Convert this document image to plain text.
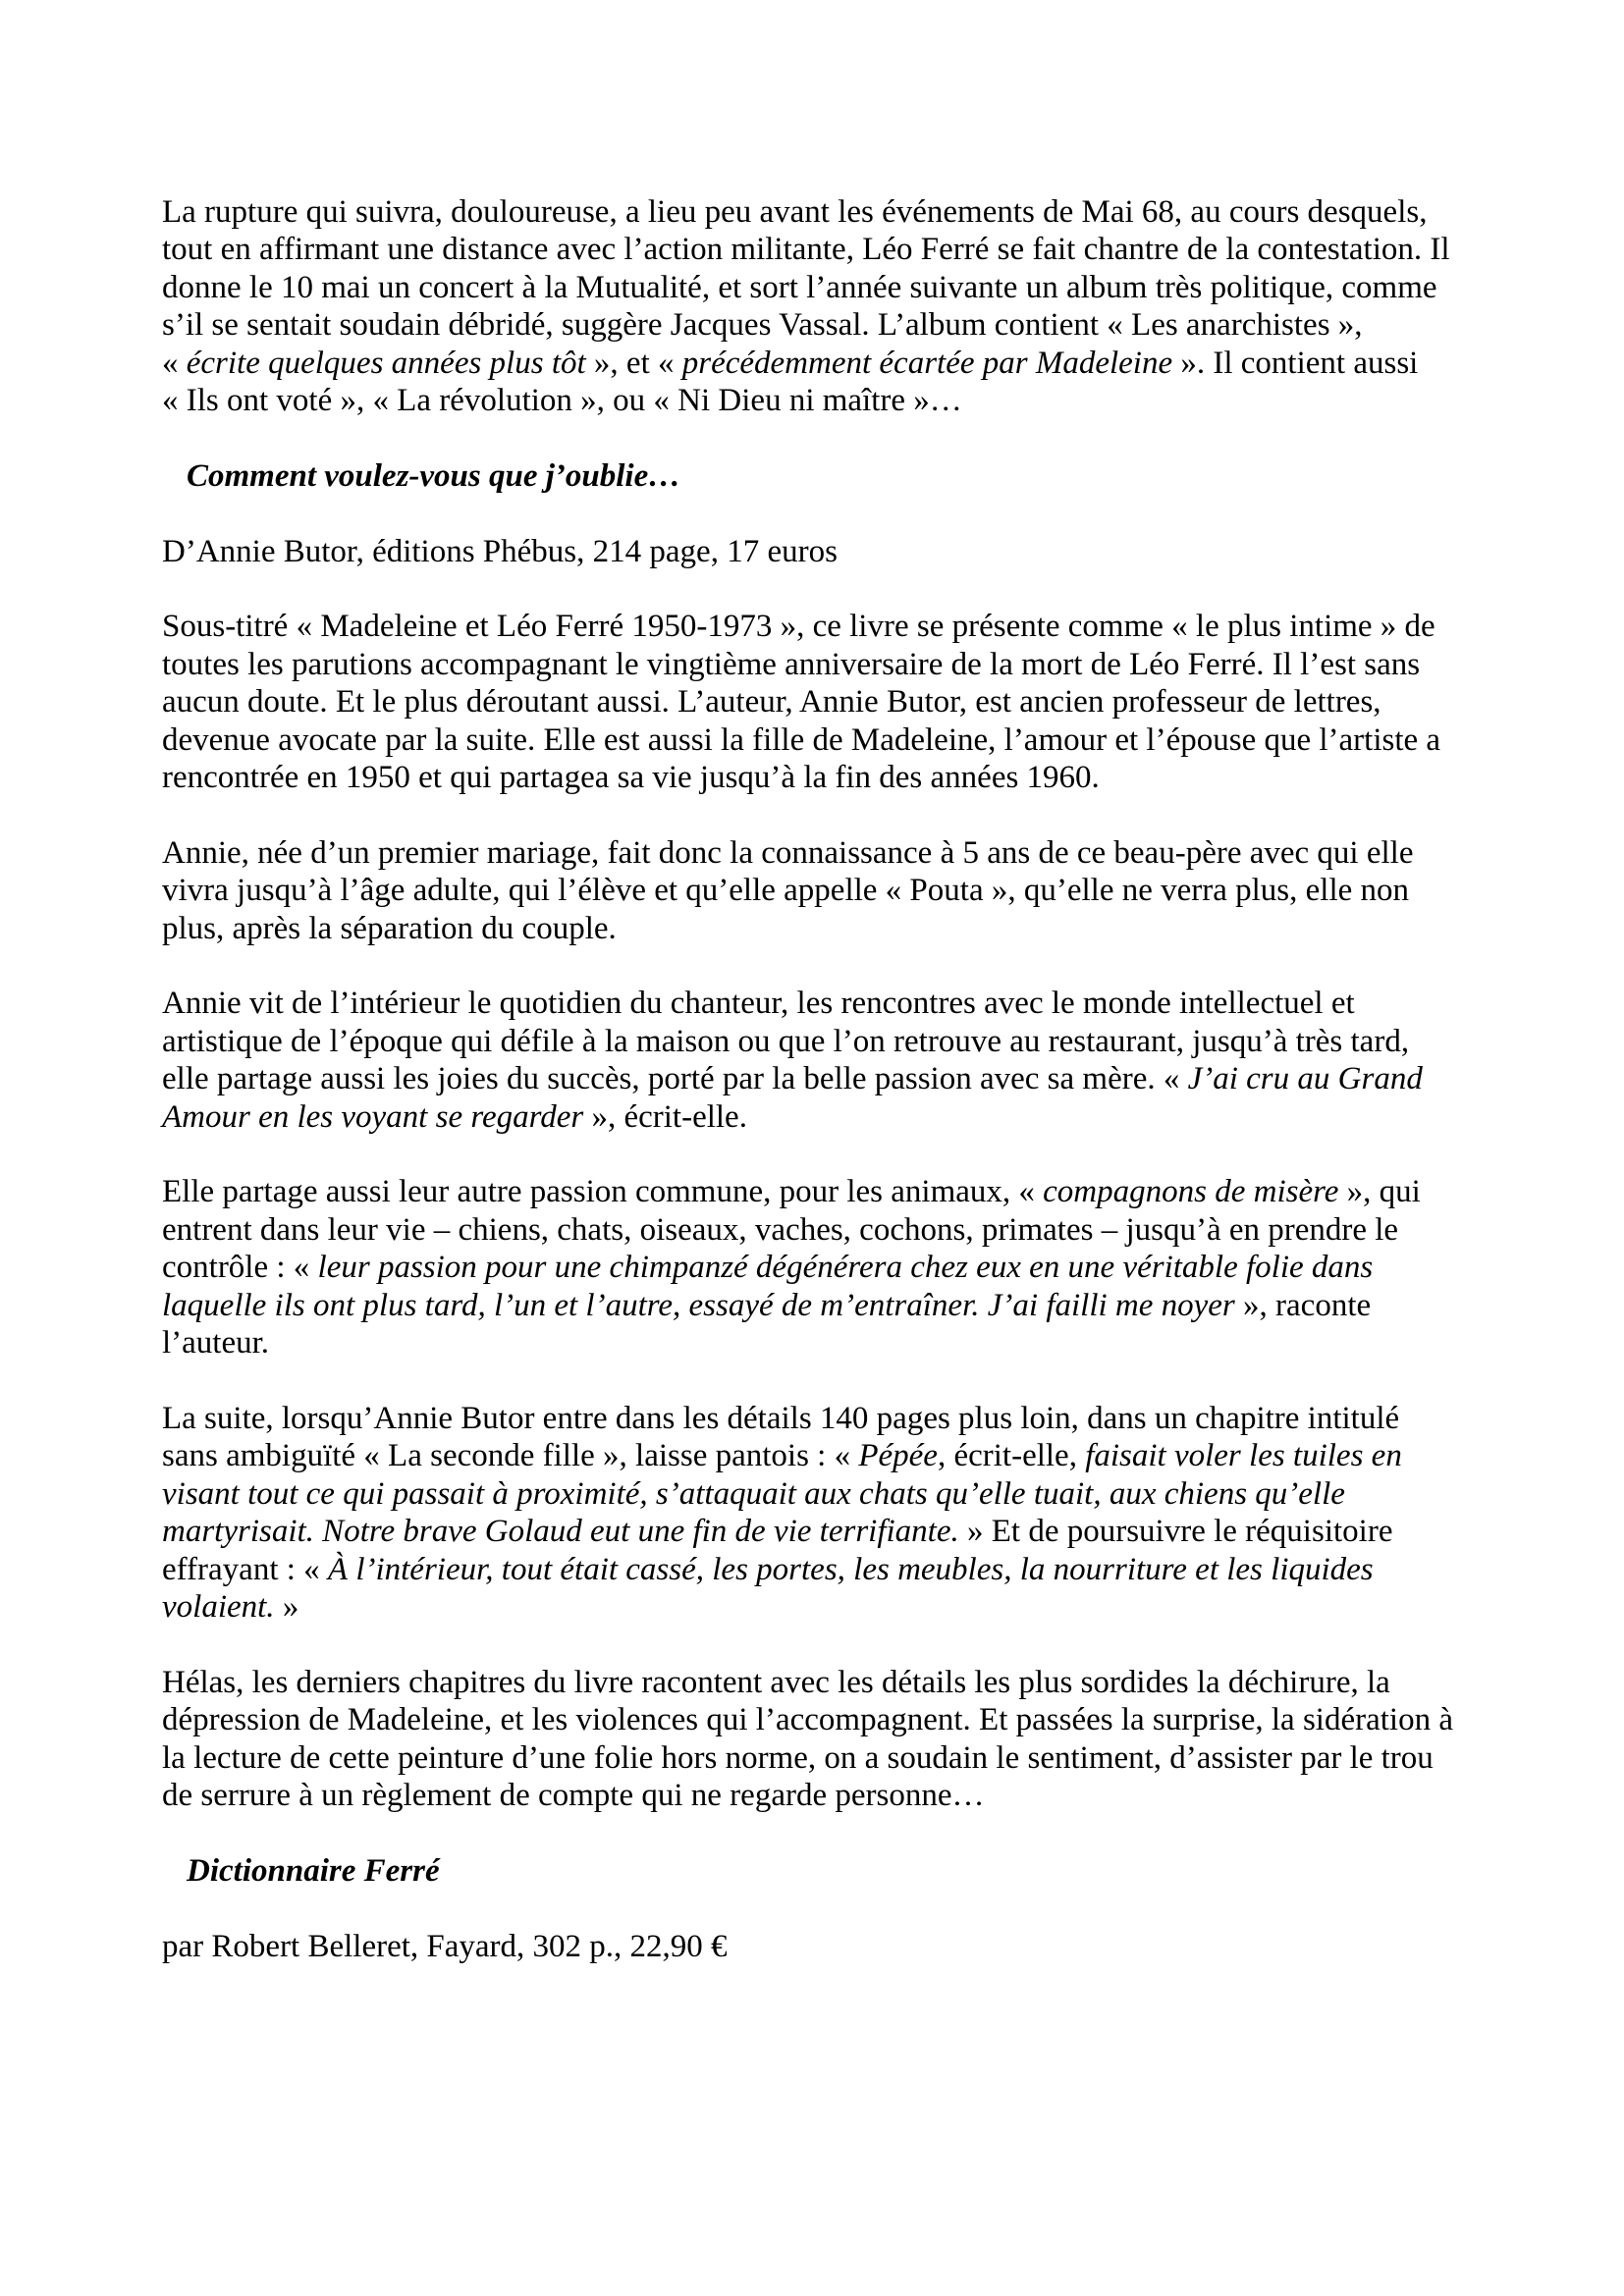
La rupture qui suivra, douloureuse, a lieu peu avant les événements de Mai 68, au cours desquels, tout en affirmant une distance avec l’action militante, Léo Ferré se fait chantre de la contestation. Il donne le 10 mai un concert à la Mutualité, et sort l’année suivante un album très politique, comme s’il se sentait soudain débridé, suggère Jacques Vassal. L’album contient « Les anarchistes », « écrite quelques années plus tôt », et « précédemment écartée par Madeleine ». Il contient aussi « Ils ont voté », « La révolution », ou « Ni Dieu ni maître »…

Comment voulez-vous que j’oublie…

D’Annie Butor, éditions Phébus, 214 page, 17 euros

Sous-titré « Madeleine et Léo Ferré 1950-1973 », ce livre se présente comme « le plus intime » de toutes les parutions accompagnant le vingtième anniversaire de la mort de Léo Ferré. Il l’est sans aucun doute. Et le plus déroutant aussi. L’auteur, Annie Butor, est ancien professeur de lettres, devenue avocate par la suite. Elle est aussi la fille de Madeleine, l’amour et l’épouse que l’artiste a rencontrée en 1950 et qui partagea sa vie jusqu’à la fin des années 1960.

Annie, née d’un premier mariage, fait donc la connaissance à 5 ans de ce beau-père avec qui elle vivra jusqu’à l’âge adulte, qui l’élève et qu’elle appelle « Pouta », qu’elle ne verra plus, elle non plus, après la séparation du couple.

Annie vit de l’intérieur le quotidien du chanteur, les rencontres avec le monde intellectuel et artistique de l’époque qui défile à la maison ou que l’on retrouve au restaurant, jusqu’à très tard, elle partage aussi les joies du succès, porté par la belle passion avec sa mère. « J’ai cru au Grand Amour en les voyant se regarder », écrit-elle.

Elle partage aussi leur autre passion commune, pour les animaux, « compagnons de misère », qui entrent dans leur vie – chiens, chats, oiseaux, vaches, cochons, primates – jusqu’à en prendre le contrôle : « leur passion pour une chimpanzé dégénérera chez eux en une véritable folie dans laquelle ils ont plus tard, l’un et l’autre, essayé de m’entraîner. J’ai failli me noyer », raconte l’auteur.

La suite, lorsqu’Annie Butor entre dans les détails 140 pages plus loin, dans un chapitre intitulé sans ambiguïté « La seconde fille », laisse pantois : « Pépée, écrit-elle, faisait voler les tuiles en visant tout ce qui passait à proximité, s’attaquait aux chats qu’elle tuait, aux chiens qu’elle martyrisait. Notre brave Golaud eut une fin de vie terrifiante. » Et de poursuivre le réquisitoire effrayant : « À l’intérieur, tout était cassé, les portes, les meubles, la nourriture et les liquides volaient. »

Hélas, les derniers chapitres du livre racontent avec les détails les plus sordides la déchirure, la dépression de Madeleine, et les violences qui l’accompagnent. Et passées la surprise, la sidération à la lecture de cette peinture d’une folie hors norme, on a soudain le sentiment, d’assister par le trou de serrure à un règlement de compte qui ne regarde personne…

Dictionnaire Ferré

par Robert Belleret, Fayard, 302 p., 22,90 €
